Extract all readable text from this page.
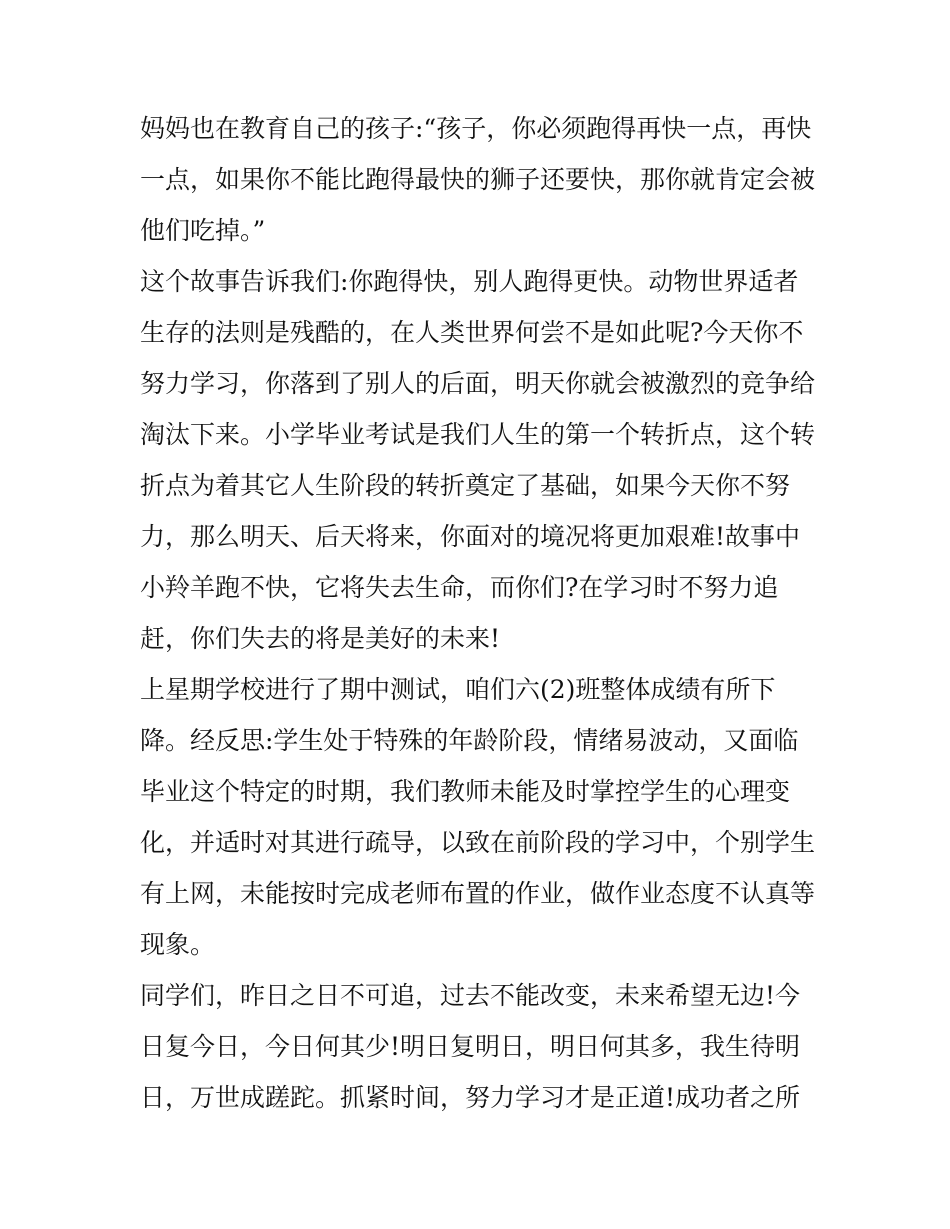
妈妈也在教育自己的孩子:“孩子，你必须跑得再快一点，再快
一点，如果你不能比跑得最快的狮子还要快，那你就肯定会被
他们吃掉。”
这个故事告诉我们:你跑得快，别人跑得更快。动物世界适者
生存的法则是残酷的，在人类世界何尝不是如此呢?今天你不
努力学习，你落到了别人的后面，明天你就会被激烈的竞争给
淘汰下来。小学毕业考试是我们人生的第一个转折点，这个转
折点为着其它人生阶段的转折奠定了基础，如果今天你不努
力，那么明天、后天将来，你面对的境况将更加艰难!故事中
小羚羊跑不快，它将失去生命，而你们?在学习时不努力追
赶，你们失去的将是美好的未来!
上星期学校进行了期中测试，咱们六(2)班整体成绩有所下
降。经反思:学生处于特殊的年龄阶段，情绪易波动，又面临
毕业这个特定的时期，我们教师未能及时掌控学生的心理变
化，并适时对其进行疏导，以致在前阶段的学习中，个别学生
有上网，未能按时完成老师布置的作业，做作业态度不认真等
现象。
同学们，昨日之日不可追，过去不能改变，未来希望无边!今
日复今日，今日何其少!明日复明日，明日何其多，我生待明
日，万世成蹉跎。抓紧时间，努力学习才是正道!成功者之所
